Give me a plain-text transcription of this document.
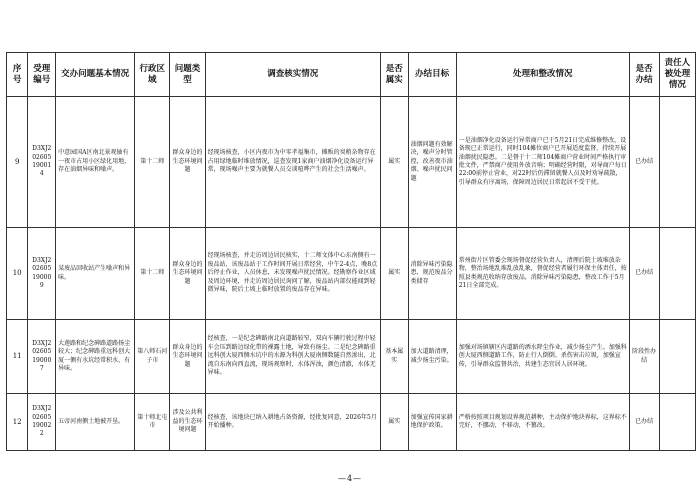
序号	受理编号	交办问题基本情况	行政区域	问题类型	调查核实情况	是否属实	办结目标	处理和整改情况	是否办结	责任人被处理情况
9	D3XJ202605190014	中意园国A区南北景观轴有一夜市占用小区绿化用地，存在油烟异味和噪声。	第十二师	群众身边的生态环境问题	经现场核查，小区内夜市为中零孝福集市，摊贩的臭稍杂物存在占用绿地临时堆放情况，巡查发现1家商户油烟净化设备运行异常，现场噪声主要为就餐人员交谈喧哗产生的社会生活噪声。	属实	油烟问题有效解决，噪声分时管控，改善夜市油烟、噪声扰民问题	一是油烟净化设备运行异常商户已于5月21日完成维修整改，设备现已正常运行，同时104摊位商户已开展适度监督，持续开展油烟扰民隐患。二是督于十二师104摊商户营业时间严格执行审批文件，严禁商户使用外放音响；明确经营时限，对导商户每日22:00前停止营业，对22时后仍滞留就餐人员及时劝导疏散，引导群众有序离场，保障周边居民日常起居不受干扰。	已办结	
10	D3XJ202605190009	某废品回收站产生噪声和异味。	第十二师	群众身边的生态环境问题	经现场核查，并走访周边居民核实，十二师文体中心东南侧有一废品站，该废品站于工作时间开展日常经营，中午2-4点，晚8点后停止作业，人员休息，未发现噪声扰民情况。经勘察作业区域及周边环境，并走访周边居民询问了解，废品站内部仅能闻到轻微异味，院后土坡上临时放置的废品存在异味。	属实	消除异味污染隐患，规范废品分类储存	常州街片区管委会现场督促经营负责人，清理后院土坡堆放杂物，整治场地乱堆乱放乱象，督促经营者履行环保主体责任，按照县类规范收纳存放废品，消除异味污染隐患，整改工作于5月21日全部完成。	已办结	
11	D3XJ202605190007	大莲路和纪念碑路道路扬尘较大；纪念碑路重远科创大厦一侧有水坑经常积水，有异味。	第八师石河子市	群众身边的生态环境问题	经核查，一是纪念碑路南北向道路较窄，双向车辆行驶过程中轻车会压到路边绿化带的裸露土地，导致有扬尘。二是纪念碑路重远科创大厦西侧水坑中的水源为科创大厦南侧数隧自然渗出，北流自东南向西直流，现场观察时，水体浑浊，颜色清澈，水体无异味。	基本属实	加大道路清理，减少扬尘污染。	加强对场镇辖区内道路的洒水降尘作业，减少扬尘产生。加强科创大厦西侧道路工作，防止行人倒倒、杀伤害击垃圾，加强宣传，引导群众监督共治，共建生态宜居人居环境。	阶段性办结	
12	D3XJ202605190022	五帝河南侧土地被开垦。	第十师北屯市	涉及公共利益的生态环境问题	经核查，该地块已纳入耕地占备资源，经批复同意，2026年5月开始播种。	属实	加强宣传国家耕地保护政策。	严格按照项目规划设界规范耕种，主动保护地块界标，这界标不完好，不挪动，不移动，不篡改。	已办结	
—4—
